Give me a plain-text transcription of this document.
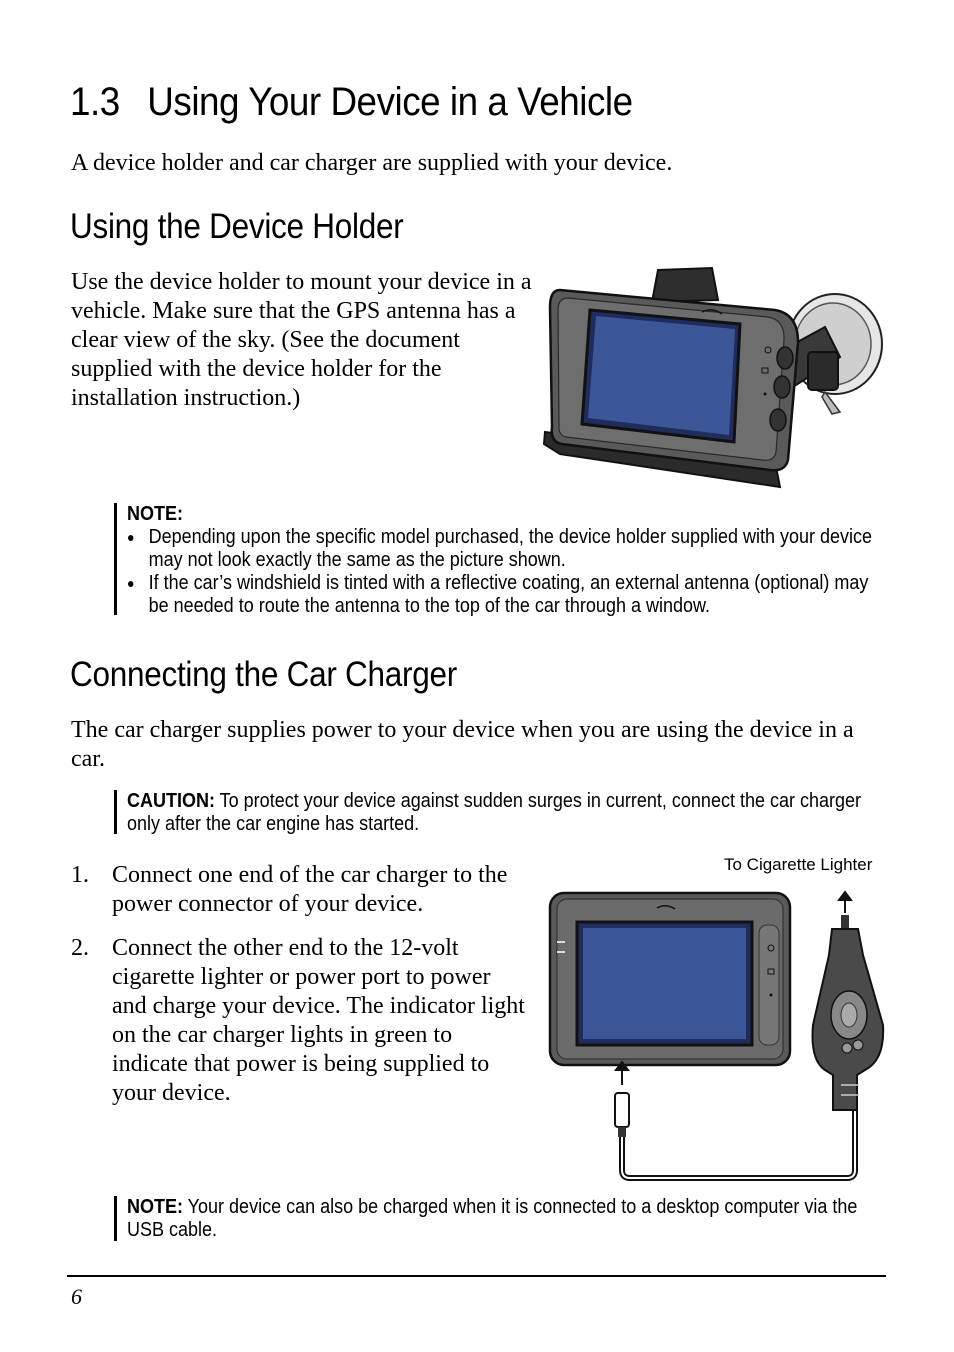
1.3 Using Your Device in a Vehicle
A device holder and car charger are supplied with your device.
Using the Device Holder
Use the device holder to mount your device in a vehicle. Make sure that the GPS antenna has a clear view of the sky. (See the document supplied with the device holder for the installation instruction.)
NOTE:
● Depending upon the specific model purchased, the device holder supplied with your device may not look exactly the same as the picture shown.
● If the car’s windshield is tinted with a reflective coating, an external antenna (optional) may be needed to route the antenna to the top of the car through a window.
Connecting the Car Charger
The car charger supplies power to your device when you are using the device in a car.
CAUTION: To protect your device against sudden surges in current, connect the car charger only after the car engine has started.
1. Connect one end of the car charger to the power connector of your device.
2. Connect the other end to the 12-volt cigarette lighter or power port to power and charge your device. The indicator light on the car charger lights in green to indicate that power is being supplied to your device.
To Cigarette Lighter
NOTE: Your device can also be charged when it is connected to a desktop computer via the USB cable.
6
